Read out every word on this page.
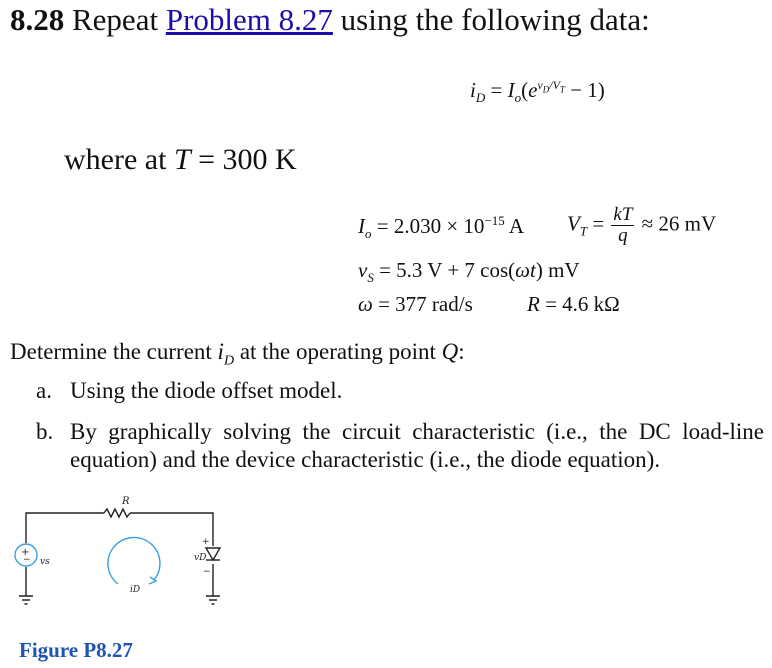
8.28 Repeat Problem 8.27 using the following data:
$i_D = I_o(e^{v_D/V_T} - 1)$
where at T = 300 K
$I_o = 2.030 \times 10^{-15}$ A $V_T = \frac{kT}{q} \approx 26$ mV
$v_S = 5.3$ V + 7 cos(ωt) mV
ω = 377 rad/s	R = 4.6 kΩ
Determine the current $i_D$ at the operating point Q:
a. Using the diode offset model.
b. By graphically solving the circuit characteristic (i.e., the DC load-line
equation) and the device characteristic (i.e., the diode equation).
+
−
R
vs
+
vD
−
iD
Figure P8.27
